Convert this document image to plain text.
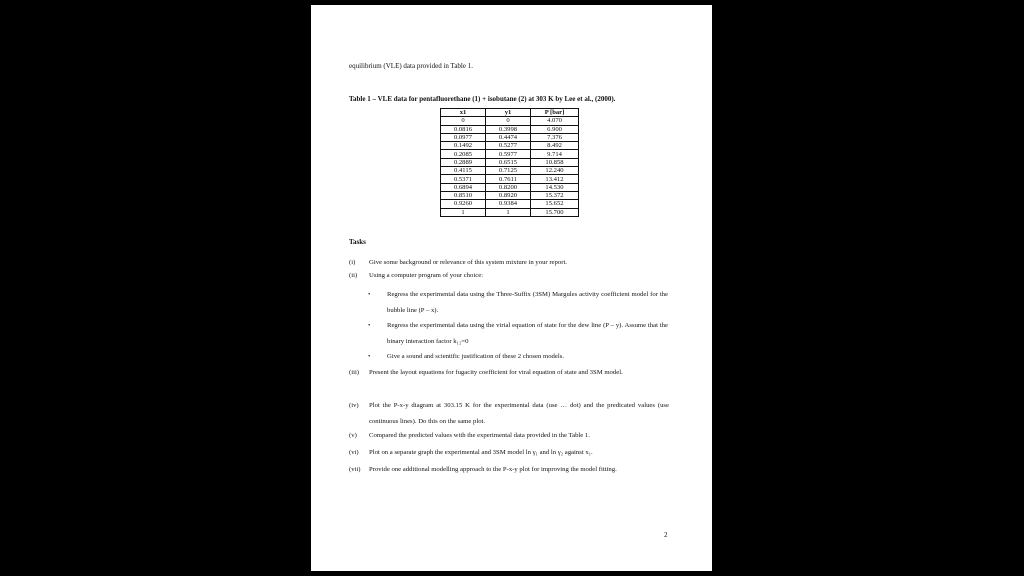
equilibrium (VLE) data provided in Table 1.
Table 1 – VLE data for pentafluorethane (1) + isobutane (2) at 303 K by Lee et al., (2000).
x1	y1	P [bar]
0	0	4.070
0.0816	0.3998	6.900
0.0977	0.4474	7.376
0.1492	0.5277	8.492
0.2085	0.5977	9.714
0.2889	0.6515	10.858
0.4115	0.7125	12.240
0.5371	0.7611	13.412
0.6894	0.8200	14.530
0.8510	0.8920	15.372
0.9260	0.9384	15.652
1	1	15.700
Tasks
(i) Give some background or relevance of this system mixture in your report.
(ii) Using a computer program of your choice:
• Regress the experimental data using the Three-Suffix (3SM) Margules activity coefficient model for the bubble line (P – x).
• Regress the experimental data using the virial equation of state for the dew line (P – y). Assume that the binary interaction factor k₁₂=0
• Give a sound and scientific justification of these 2 chosen models.
(iii) Present the layout equations for fugacity coefficient for viral equation of state and 3SM model.
(iv) Plot the P-x-y diagram at 303.15 K for the experimental data (use … dot) and the predicated values (use continuous lines). Do this on the same plot.
(v) Compared the predicted values with the experimental data provided in the Table 1.
(vi) Plot on a separate graph the experimental and 3SM model ln γ₁ and ln γ₂ against x₁.
(vii) Provide one additional modelling approach to the P-x-y plot for improving the model fitting.
2
